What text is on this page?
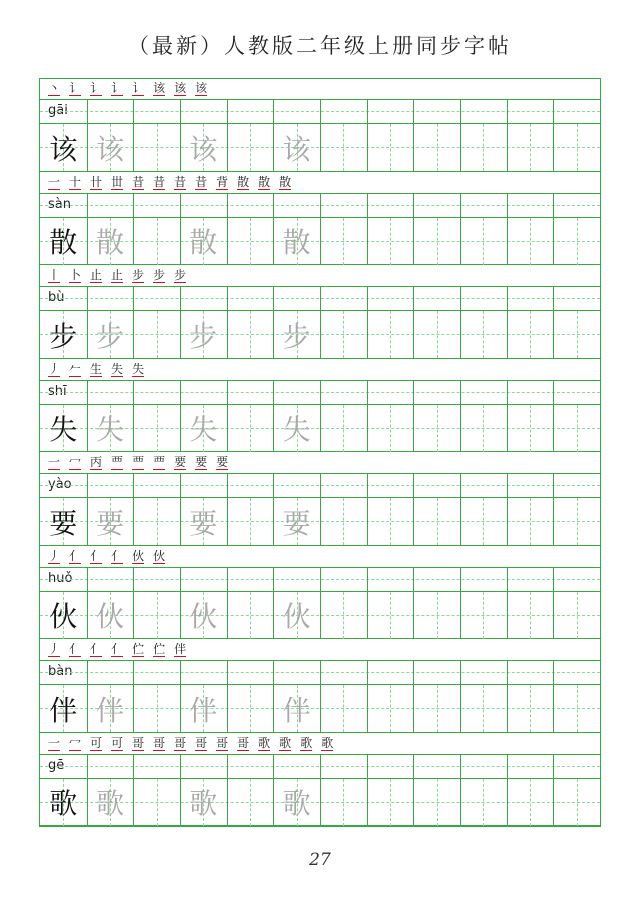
（最新）人教版二年级上册同步字帖
丶 讠 讠 讠 讠 该 该 该
gāi
该 该	该	该
一 十 卄 丗 昔 昔 昔 昔 背 散 散 散
sàn
散 散	散	散
丨 卜 止 止 步 步 步
bù
步 步	步	步
丿 𠂉 生 失 失
shī
失 失	失	失
一 冖 丙 覀 覀 覀 要 要 要
yào
要 要	要	要
丿 亻 亻 亻 伙 伙
huǒ
伙 伙	伙	伙
丿 亻 亻 亻 伫 伫 伴
bàn
伴 伴	伴	伴
一 冖 可 可 哥 哥 哥 哥 哥 哥 歌 歌 歌 歌
gē
歌 歌	歌	歌
27
